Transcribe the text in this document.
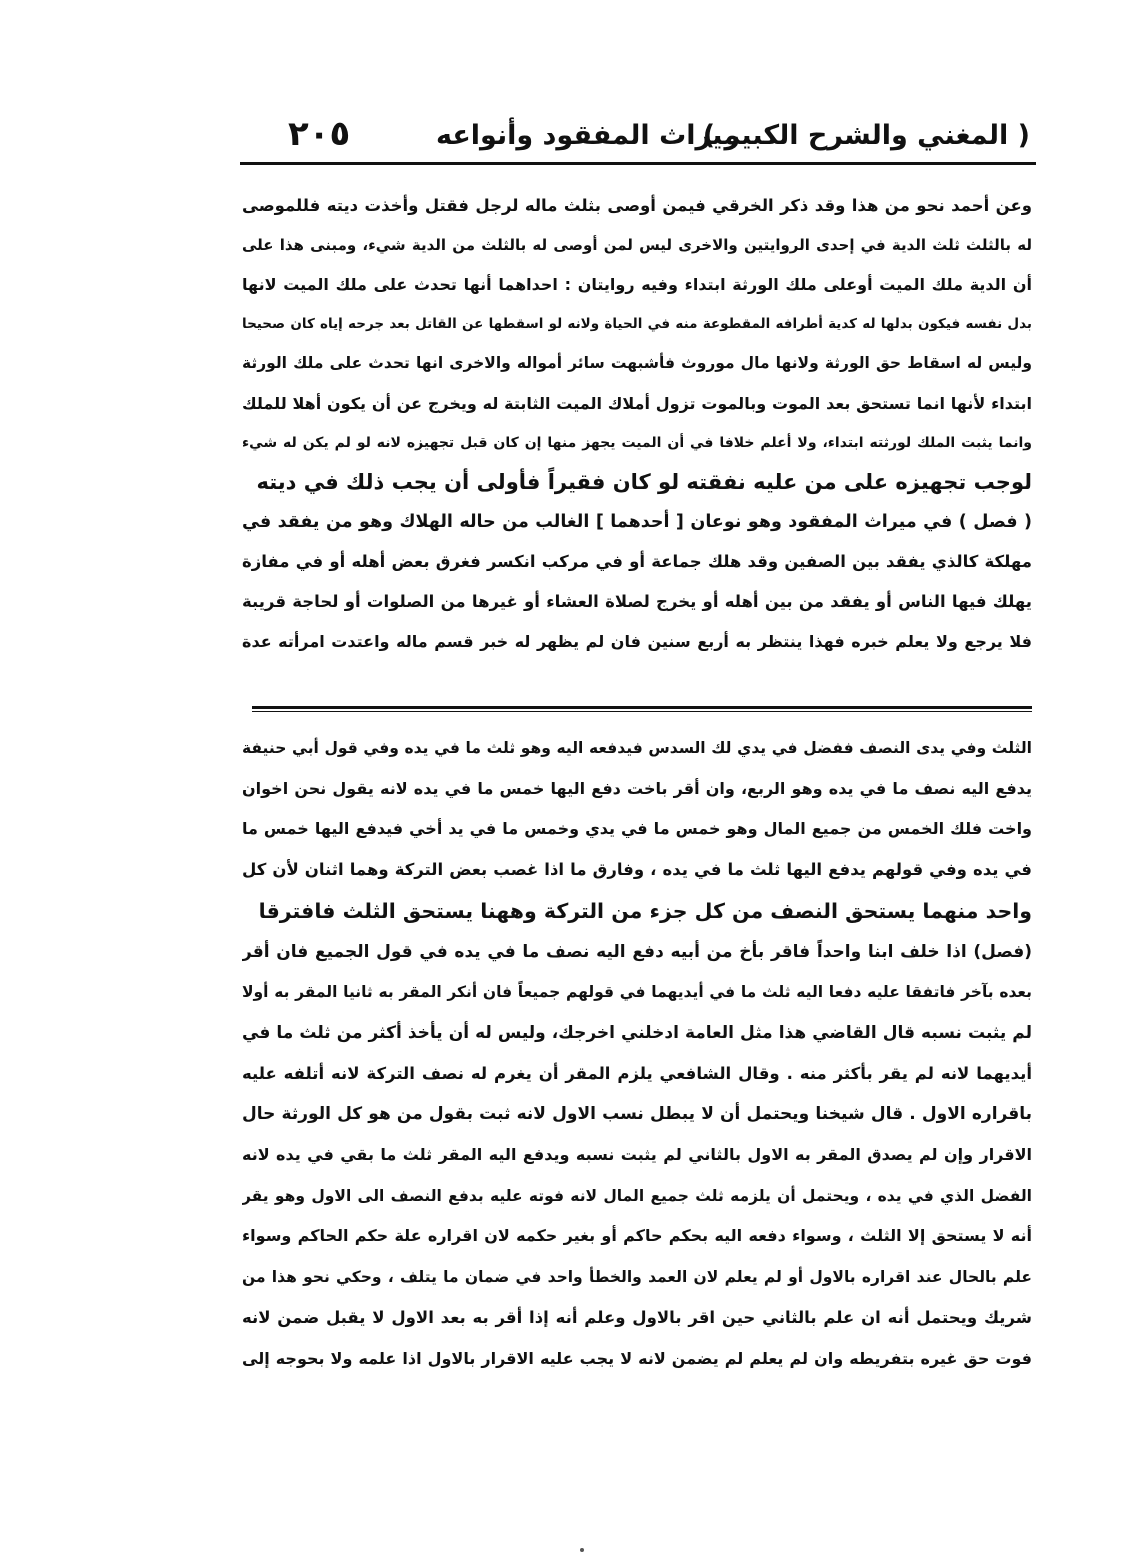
( المغني والشرح الكبير )
ميراث المفقود وأنواعه
٢٠٥
وعن أحمد نحو من هذا وقد ذكر الخرقي فيمن أوصى بثلث ماله لرجل فقتل وأخذت ديته فللموصى
له بالثلث ثلث الدية في إحدى الروايتين والاخرى ليس لمن أوصى له بالثلث من الدية شيء، ومبنى هذا على
أن الدية ملك الميت أوعلى ملك الورثة ابتداء وفيه روايتان : احداهما أنها تحدث على ملك الميت لانها
بدل نفسه فيكون بدلها له كدية أطرافه المقطوعة منه في الحياة ولانه لو اسقطها عن القاتل بعد جرحه إياه كان صحيحا
وليس له اسقاط حق الورثة ولانها مال موروث فأشبهت سائر أمواله والاخرى انها تحدث على ملك الورثة
ابتداء لأنها انما تستحق بعد الموت وبالموت تزول أملاك الميت الثابتة له ويخرج عن أن يكون أهلا للملك
وانما يثبت الملك لورثته ابتداء، ولا أعلم خلافا في أن الميت يجهز منها إن كان قبل تجهيزه لانه لو لم يكن له شيء
لوجب تجهيزه على من عليه نفقته لو كان فقيراً فأولى أن يجب ذلك في ديته
( فصل ) في ميراث المفقود وهو نوعان [ أحدهما ] الغالب من حاله الهلاك وهو من يفقد في
مهلكة كالذي يفقد بين الصفين وقد هلك جماعة أو في مركب انكسر فغرق بعض أهله أو في مفازة
يهلك فيها الناس أو يفقد من بين أهله أو يخرج لصلاة العشاء أو غيرها من الصلوات أو لحاجة قريبة
فلا يرجع ولا يعلم خبره فهذا ينتظر به أربع سنين فان لم يظهر له خبر قسم ماله واعتدت امرأته عدة
الثلث وفي يدى النصف ففضل في يدي لك السدس فيدفعه اليه وهو ثلث ما في يده وفي قول أبي حنيفة
يدفع اليه نصف ما في يده وهو الربع، وان أقر باخت دفع اليها خمس ما في يده لانه يقول نحن اخوان
واخت فلك الخمس من جميع المال وهو خمس ما في يدي وخمس ما في يد أخي فيدفع اليها خمس ما
في يده وفي قولهم يدفع اليها ثلث ما في يده ، وفارق ما اذا غصب بعض التركة وهما اثنان لأن كل
واحد منهما يستحق النصف من كل جزء من التركة وههنا يستحق الثلث فافترقا
(فصل) اذا خلف ابنا واحداً فاقر بأخ من أبيه دفع اليه نصف ما في يده في قول الجميع فان أقر
بعده بآخر فاتفقا عليه دفعا اليه ثلث ما في أيديهما في قولهم جميعاً فان أنكر المقر به ثانيا المقر به أولا
لم يثبت نسبه قال القاضي هذا مثل العامة ادخلني اخرجك، وليس له أن يأخذ أكثر من ثلث ما في
أيديهما لانه لم يقر بأكثر منه . وقال الشافعي يلزم المقر أن يغرم له نصف التركة لانه أتلفه عليه
باقراره الاول . قال شيخنا ويحتمل أن لا يبطل نسب الاول لانه ثبت بقول من هو كل الورثة حال
الاقرار وإن لم يصدق المقر به الاول بالثاني لم يثبت نسبه ويدفع اليه المقر ثلث ما بقي في يده لانه
الفضل الذي في يده ، ويحتمل أن يلزمه ثلث جميع المال لانه فوته عليه بدفع النصف الى الاول وهو يقر
أنه لا يستحق إلا الثلث ، وسواء دفعه اليه بحكم حاكم أو بغير حكمه لان اقراره علة حكم الحاكم وسواء
علم بالحال عند اقراره بالاول أو لم يعلم لان العمد والخطأ واحد في ضمان ما يتلف ، وحكي نحو هذا من
شريك ويحتمل أنه ان علم بالثاني حين اقر بالاول وعلم أنه إذا أقر به بعد الاول لا يقبل ضمن لانه
فوت حق غيره بتفريطه وان لم يعلم لم يضمن لانه لا يجب عليه الاقرار بالاول اذا علمه ولا بحوجه إلى
